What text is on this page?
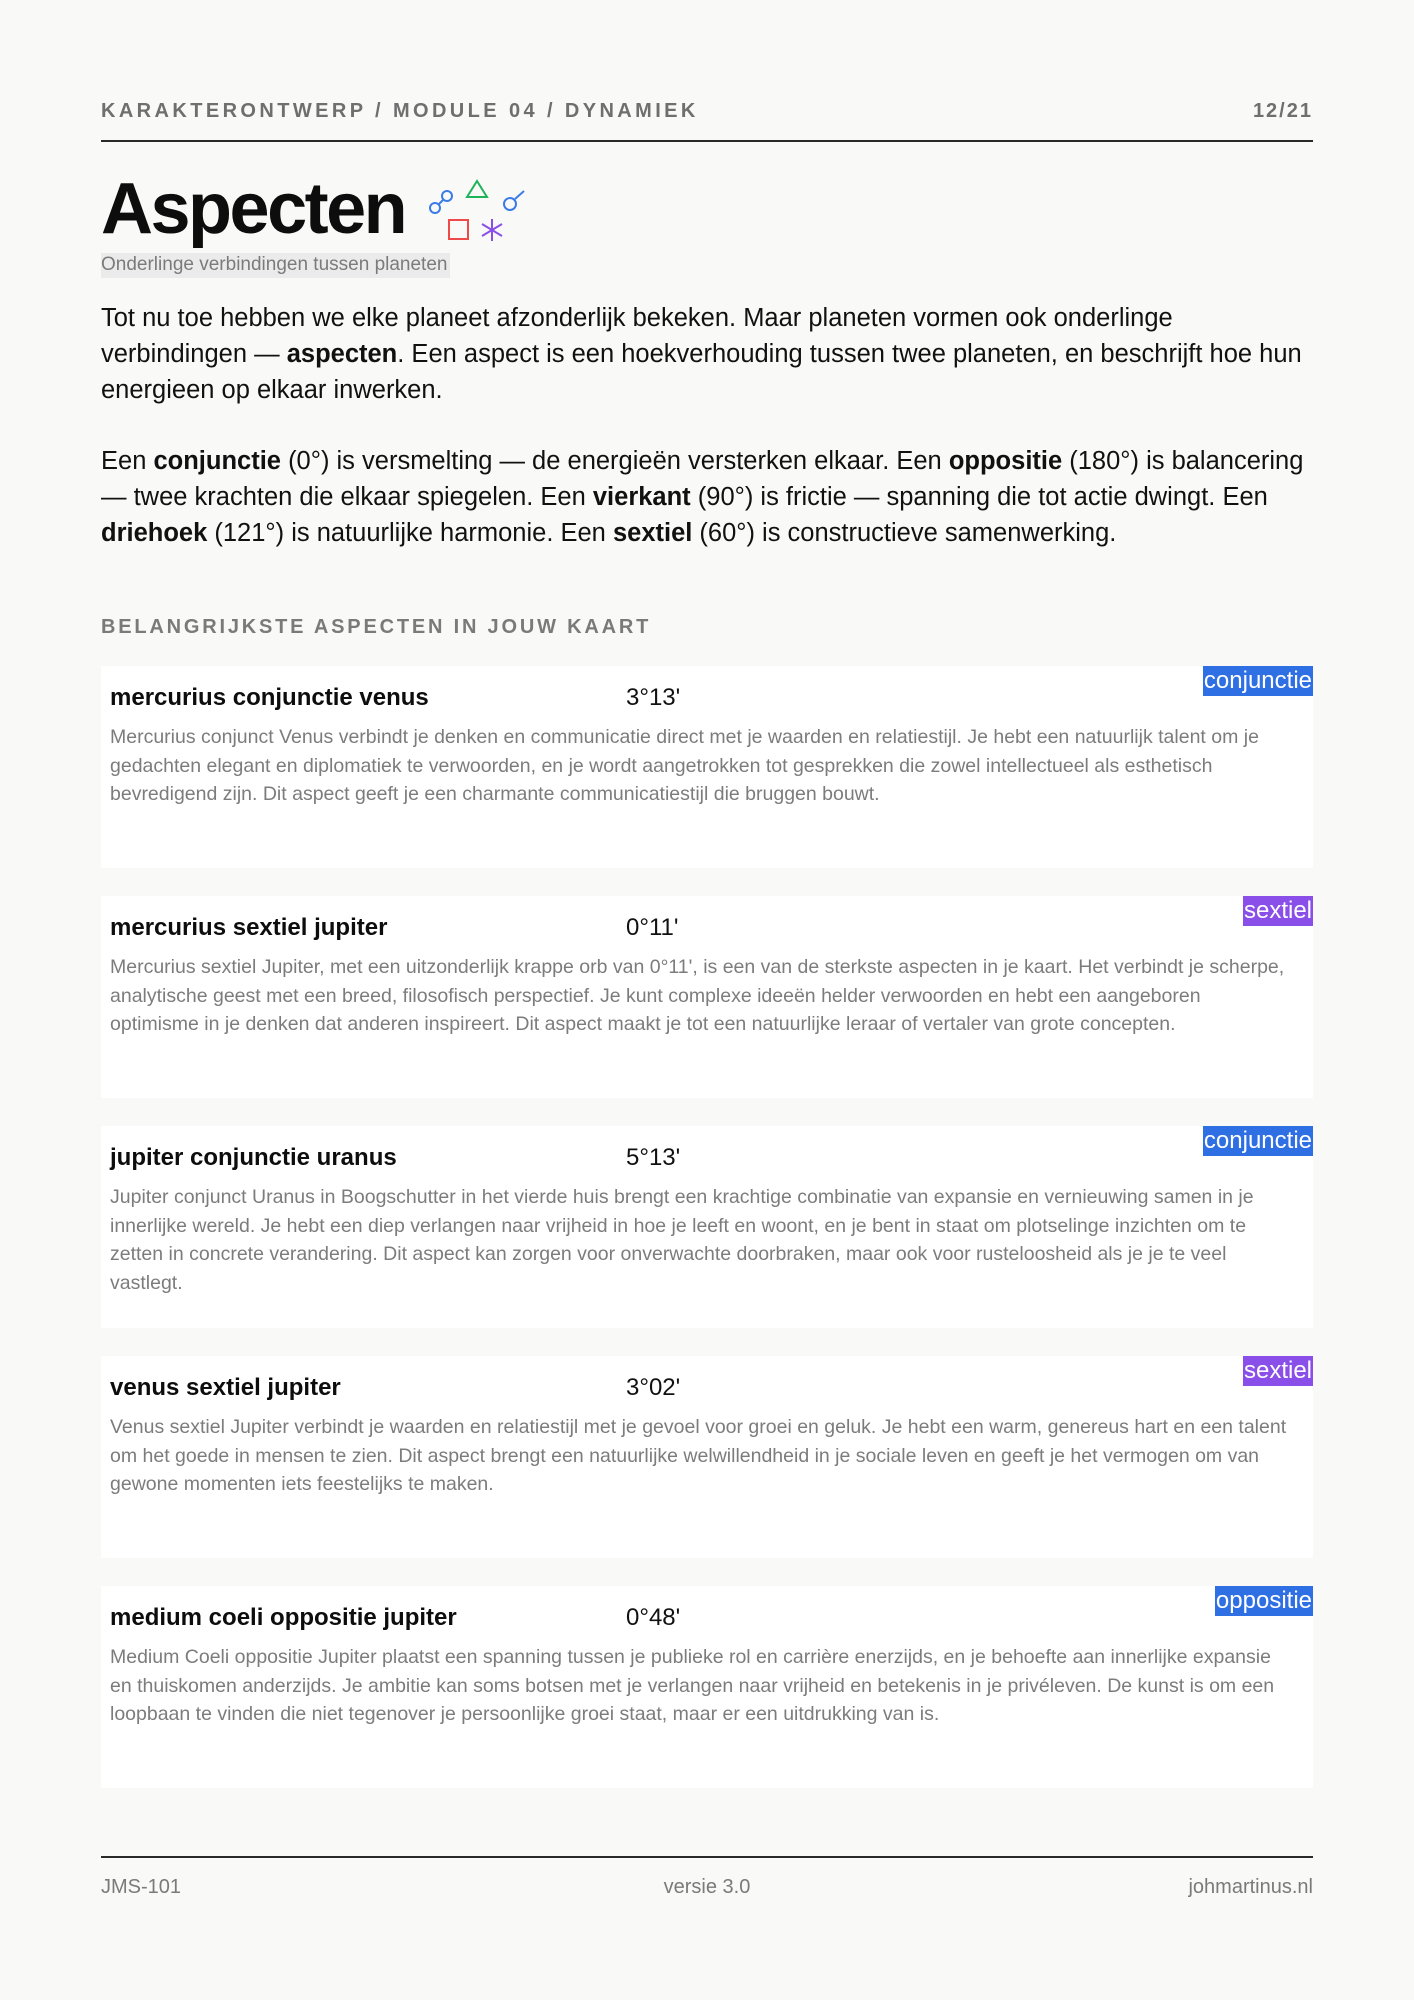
KARAKTERONTWERP / MODULE 04 / DYNAMIEK	12/21
Aspecten
Onderlinge verbindingen tussen planeten

Tot nu toe hebben we elke planeet afzonderlijk bekeken. Maar planeten vormen ook onderlinge verbindingen — aspecten. Een aspect is een hoekverhouding tussen twee planeten, en beschrijft hoe hun energieen op elkaar inwerken.

Een conjunctie (0°) is versmelting — de energieën versterken elkaar. Een oppositie (180°) is balancering — twee krachten die elkaar spiegelen. Een vierkant (90°) is frictie — spanning die tot actie dwingt. Een driehoek (121°) is natuurlijke harmonie. Een sextiel (60°) is constructieve samenwerking.

BELANGRIJKSTE ASPECTEN IN JOUW KAART
mercurius conjunctie venus	3°13'
conjunctie
Mercurius conjunct Venus verbindt je denken en communicatie direct met je waarden en relatiestijl. Je hebt een natuurlijk talent om je gedachten elegant en diplomatiek te verwoorden, en je wordt aangetrokken tot gesprekken die zowel intellectueel als esthetisch bevredigend zijn. Dit aspect geeft je een charmante communicatiestijl die bruggen bouwt.
mercurius sextiel jupiter	0°11'
sextiel
Mercurius sextiel Jupiter, met een uitzonderlijk krappe orb van 0°11', is een van de sterkste aspecten in je kaart. Het verbindt je scherpe, analytische geest met een breed, filosofisch perspectief. Je kunt complexe ideeën helder verwoorden en hebt een aangeboren optimisme in je denken dat anderen inspireert. Dit aspect maakt je tot een natuurlijke leraar of vertaler van grote concepten.
jupiter conjunctie uranus	5°13'
conjunctie
Jupiter conjunct Uranus in Boogschutter in het vierde huis brengt een krachtige combinatie van expansie en vernieuwing samen in je innerlijke wereld. Je hebt een diep verlangen naar vrijheid in hoe je leeft en woont, en je bent in staat om plotselinge inzichten om te zetten in concrete verandering. Dit aspect kan zorgen voor onverwachte doorbraken, maar ook voor rusteloosheid als je je te veel vastlegt.
venus sextiel jupiter	3°02'
sextiel
Venus sextiel Jupiter verbindt je waarden en relatiestijl met je gevoel voor groei en geluk. Je hebt een warm, genereus hart en een talent om het goede in mensen te zien. Dit aspect brengt een natuurlijke welwillendheid in je sociale leven en geeft je het vermogen om van gewone momenten iets feestelijks te maken.
medium coeli oppositie jupiter	0°48'
oppositie
Medium Coeli oppositie Jupiter plaatst een spanning tussen je publieke rol en carrière enerzijds, en je behoefte aan innerlijke expansie en thuiskomen anderzijds. Je ambitie kan soms botsen met je verlangen naar vrijheid en betekenis in je privéleven. De kunst is om een loopbaan te vinden die niet tegenover je persoonlijke groei staat, maar er een uitdrukking van is.
JMS-101	versie 3.0	johmartinus.nl
